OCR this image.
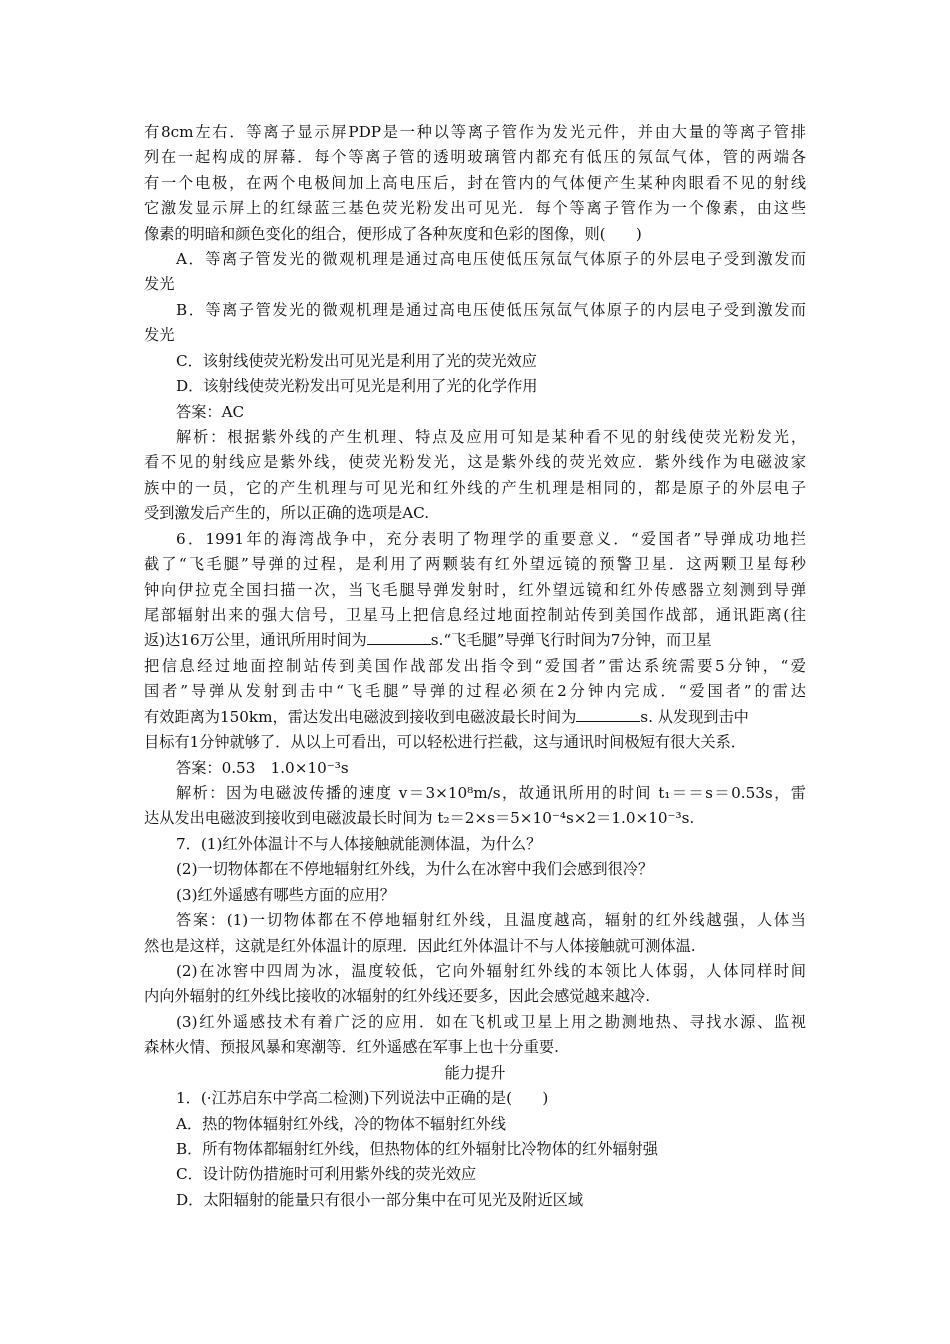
有8cm左右．等离子显示屏PDP是一种以等离子管作为发光元件，并由大量的等离子管排
列在一起构成的屏幕．每个等离子管的透明玻璃管内都充有低压的氖氙气体，管的两端各
有一个电极，在两个电极间加上高电压后，封在管内的气体便产生某种肉眼看不见的射线
它激发显示屏上的红绿蓝三基色荧光粉发出可见光．每个等离子管作为一个像素，由这些
像素的明暗和颜色变化的组合，便形成了各种灰度和色彩的图像，则(　　)
A．等离子管发光的微观机理是通过高电压使低压氖氙气体原子的外层电子受到激发而
发光
B．等离子管发光的微观机理是通过高电压使低压氖氙气体原子的内层电子受到激发而
发光
C．该射线使荧光粉发出可见光是利用了光的荧光效应
D．该射线使荧光粉发出可见光是利用了光的化学作用
答案：AC
解析：根据紫外线的产生机理、特点及应用可知是某种看不见的射线使荧光粉发光，
看不见的射线应是紫外线，使荧光粉发光，这是紫外线的荧光效应．紫外线作为电磁波家
族中的一员，它的产生机理与可见光和红外线的产生机理是相同的，都是原子的外层电子
受到激发后产生的，所以正确的选项是AC.
6．1991年的海湾战争中，充分表明了物理学的重要意义．“爱国者”导弹成功地拦
截了“飞毛腿”导弹的过程，是利用了两颗装有红外望远镜的预警卫星．这两颗卫星每秒
钟向伊拉克全国扫描一次，当飞毛腿导弹发射时，红外望远镜和红外传感器立刻测到导弹
尾部辐射出来的强大信号，卫星马上把信息经过地面控制站传到美国作战部，通讯距离(往
返)达16万公里，通讯所用时间为	s.“飞毛腿”导弹飞行时间为7分钟，而卫星
把信息经过地面控制站传到美国作战部发出指令到“爱国者”雷达系统需要5分钟，“爱
国者”导弹从发射到击中“飞毛腿”导弹的过程必须在2分钟内完成．“爱国者”的雷达
有效距离为150km，雷达发出电磁波到接收到电磁波最长时间为	s. 从发现到击中
目标有1分钟就够了．从以上可看出，可以轻松进行拦截，这与通讯时间极短有很大关系．
答案：0.53　1.0×10⁻³s
解析：因为电磁波传播的速度 v＝3×10⁸m/s，故通讯所用的时间 t₁＝＝s＝0.53s，雷
达从发出电磁波到接收到电磁波最长时间为 t₂＝2×s＝5×10⁻⁴s×2＝1.0×10⁻³s.
7．(1)红外体温计不与人体接触就能测体温，为什么？
(2)一切物体都在不停地辐射红外线，为什么在冰窖中我们会感到很冷？
(3)红外遥感有哪些方面的应用？
答案：(1)一切物体都在不停地辐射红外线，且温度越高，辐射的红外线越强，人体当
然也是这样，这就是红外体温计的原理．因此红外体温计不与人体接触就可测体温.
(2)在冰窖中四周为冰，温度较低，它向外辐射红外线的本领比人体弱，人体同样时间
内向外辐射的红外线比接收的冰辐射的红外线还要多，因此会感觉越来越冷.
(3)红外遥感技术有着广泛的应用．如在飞机或卫星上用之勘测地热、寻找水源、监视
森林火情、预报风暴和寒潮等．红外遥感在军事上也十分重要.
能力提升
1．(·江苏启东中学高二检测)下列说法中正确的是(　　)
A．热的物体辐射红外线，冷的物体不辐射红外线
B．所有物体都辐射红外线，但热物体的红外辐射比冷物体的红外辐射强
C．设计防伪措施时可利用紫外线的荧光效应
D．太阳辐射的能量只有很小一部分集中在可见光及附近区域
